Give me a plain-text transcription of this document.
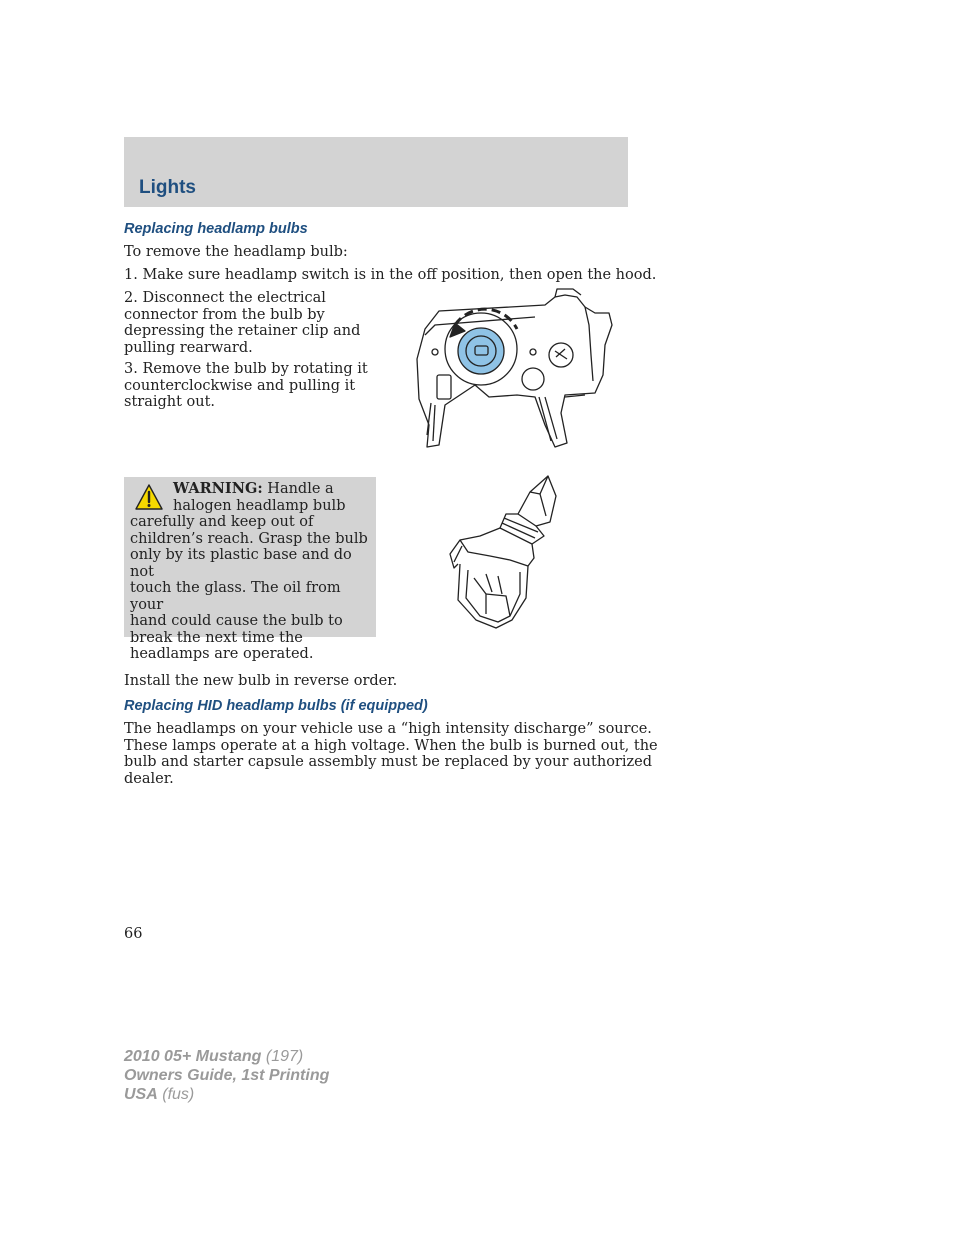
Lights
Replacing headlamp bulbs

To remove the headlamp bulb:

1. Make sure headlamp switch is in the off position, then open the hood.

2. Disconnect the electrical
connector from the bulb by
depressing the retainer clip and
pulling rearward.

3. Remove the bulb by rotating it
counterclockwise and pulling it
straight out.

WARNING: Handle a
halogen headlamp bulb
carefully and keep out of
children’s reach. Grasp the bulb
only by its plastic base and do not
touch the glass. The oil from your
hand could cause the bulb to
break the next time the
headlamps are operated.

Install the new bulb in reverse order.

Replacing HID headlamp bulbs (if equipped)

The headlamps on your vehicle use a “high intensity discharge” source.
These lamps operate at a high voltage. When the bulb is burned out, the
bulb and starter capsule assembly must be replaced by your authorized
dealer.

66

2010 05+ Mustang (197)
Owners Guide, 1st Printing
USA (fus)
